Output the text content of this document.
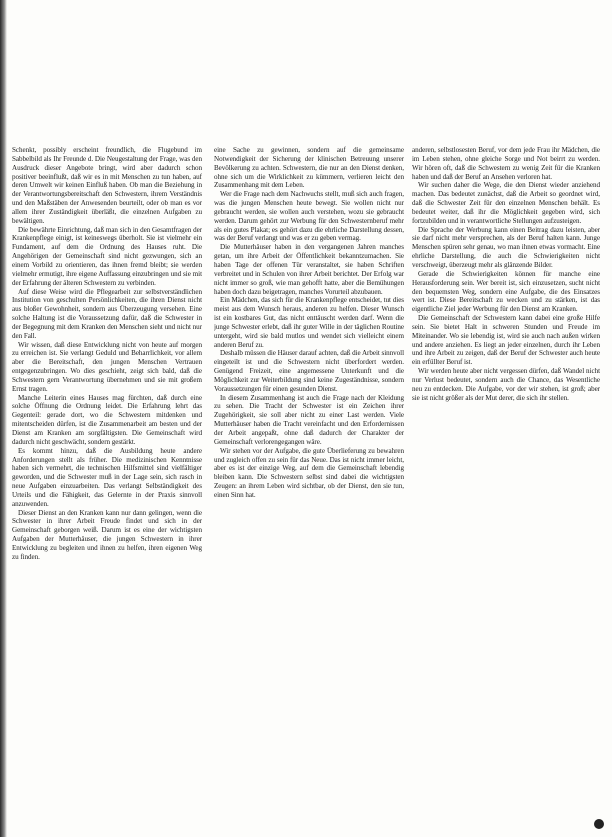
Schenkt, possibly erscheint freundlich, die Flugebund im Sabbelbild als Ihr Freunde d. Die Neugestaltung der Frage, was den Ausdruck dieser Angebote bringt, wird aber dadurch schon positiver beeinflußt, daß wir es in mit Menschen zu tun haben, auf deren Umwelt wir keinen Einfluß haben. Ob man die Beziehung in der Verantwortungsbereitschaft den Schwestern, ihrem Verständnis und den Maßstäben der Anwesenden beurteilt, oder ob man es vor allem ihrer Zuständigkeit überläßt, die einzelnen Aufgaben zu bewältigen.

Die bewährte Einrichtung, daß man sich in den Gesamtfragen der Krankenpflege einigt, ist keineswegs überholt. Sie ist vielmehr ein Fundament, auf dem die Ordnung des Hauses ruht. Die Angehörigen der Gemeinschaft sind nicht gezwungen, sich an einem Vorbild zu orientieren, das ihnen fremd bleibt; sie werden vielmehr ermutigt, ihre eigene Auffassung einzubringen und sie mit der Erfahrung der älteren Schwestern zu verbinden.

Auf diese Weise wird die Pflegearbeit zur selbstverständlichen Institution von geschulten Persönlichkeiten, die ihren Dienst nicht aus bloßer Gewohnheit, sondern aus Überzeugung versehen. Eine solche Haltung ist die Voraussetzung dafür, daß die Schwester in der Begegnung mit dem Kranken den Menschen sieht und nicht nur den Fall.

Wir wissen, daß diese Entwicklung nicht von heute auf morgen zu erreichen ist. Sie verlangt Geduld und Beharrlichkeit, vor allem aber die Bereitschaft, den jungen Menschen Vertrauen entgegenzubringen. Wo dies geschieht, zeigt sich bald, daß die Schwestern gern Verantwortung übernehmen und sie mit großem Ernst tragen.

Manche Leiterin eines Hauses mag fürchten, daß durch eine solche Öffnung die Ordnung leidet. Die Erfahrung lehrt das Gegenteil: gerade dort, wo die Schwestern mitdenken und mitentscheiden dürfen, ist die Zusammenarbeit am besten und der Dienst am Kranken am sorgfältigsten. Die Gemeinschaft wird dadurch nicht geschwächt, sondern gestärkt.

Es kommt hinzu, daß die Ausbildung heute andere Anforderungen stellt als früher. Die medizinischen Kenntnisse haben sich vermehrt, die technischen Hilfsmittel sind vielfältiger geworden, und die Schwester muß in der Lage sein, sich rasch in neue Aufgaben einzuarbeiten. Das verlangt Selbständigkeit des Urteils und die Fähigkeit, das Gelernte in der Praxis sinnvoll anzuwenden.

Dieser Dienst an den Kranken kann nur dann gelingen, wenn die Schwester in ihrer Arbeit Freude findet und sich in der Gemeinschaft geborgen weiß. Darum ist es eine der wichtigsten Aufgaben der Mutterhäuser, die jungen Schwestern in ihrer Entwicklung zu begleiten und ihnen zu helfen, ihren eigenen Weg zu finden.

eine Sache zu gewinnen, sondern auf die gemeinsame Notwendigkeit der Sicherung der klinischen Betreuung unserer Bevölkerung zu achten. Schwestern, die nur an den Dienst denken, ohne sich um die Wirklichkeit zu kümmern, verlieren leicht den Zusammenhang mit dem Leben.

Wer die Frage nach dem Nachwuchs stellt, muß sich auch fragen, was die jungen Menschen heute bewegt. Sie wollen nicht nur gebraucht werden, sie wollen auch verstehen, wozu sie gebraucht werden. Darum gehört zur Werbung für den Schwesternberuf mehr als ein gutes Plakat; es gehört dazu die ehrliche Darstellung dessen, was der Beruf verlangt und was er zu geben vermag.

Die Mutterhäuser haben in den vergangenen Jahren manches getan, um ihre Arbeit der Öffentlichkeit bekanntzumachen. Sie haben Tage der offenen Tür veranstaltet, sie haben Schriften verbreitet und in Schulen von ihrer Arbeit berichtet. Der Erfolg war nicht immer so groß, wie man gehofft hatte, aber die Bemühungen haben doch dazu beigetragen, manches Vorurteil abzubauen.

Ein Mädchen, das sich für die Krankenpflege entscheidet, tut dies meist aus dem Wunsch heraus, anderen zu helfen. Dieser Wunsch ist ein kostbares Gut, das nicht enttäuscht werden darf. Wenn die junge Schwester erlebt, daß ihr guter Wille in der täglichen Routine untergeht, wird sie bald mutlos und wendet sich vielleicht einem anderen Beruf zu.

Deshalb müssen die Häuser darauf achten, daß die Arbeit sinnvoll eingeteilt ist und die Schwestern nicht überfordert werden. Genügend Freizeit, eine angemessene Unterkunft und die Möglichkeit zur Weiterbildung sind keine Zugeständnisse, sondern Voraussetzungen für einen gesunden Dienst.

In diesem Zusammenhang ist auch die Frage nach der Kleidung zu sehen. Die Tracht der Schwester ist ein Zeichen ihrer Zugehörigkeit, sie soll aber nicht zu einer Last werden. Viele Mutterhäuser haben die Tracht vereinfacht und den Erfordernissen der Arbeit angepaßt, ohne daß dadurch der Charakter der Gemeinschaft verlorengegangen wäre.

Wir stehen vor der Aufgabe, die gute Überlieferung zu bewahren und zugleich offen zu sein für das Neue. Das ist nicht immer leicht, aber es ist der einzige Weg, auf dem die Gemeinschaft lebendig bleiben kann. Die Schwestern selbst sind dabei die wichtigsten Zeugen: an ihrem Leben wird sichtbar, ob der Dienst, den sie tun, einen Sinn hat.

anderen, selbstlosesten Beruf, vor dem jede Frau ihr Mädchen, die im Leben stehen, ohne gleiche Sorge und Not beirrt zu werden. Wir hören oft, daß die Schwestern zu wenig Zeit für die Kranken haben und daß der Beruf an Ansehen verloren hat.

Wir suchen daher die Wege, die den Dienst wieder anziehend machen. Das bedeutet zunächst, daß die Arbeit so geordnet wird, daß die Schwester Zeit für den einzelnen Menschen behält. Es bedeutet weiter, daß ihr die Möglichkeit gegeben wird, sich fortzubilden und in verantwortliche Stellungen aufzusteigen.

Die Sprache der Werbung kann einen Beitrag dazu leisten, aber sie darf nicht mehr versprechen, als der Beruf halten kann. Junge Menschen spüren sehr genau, wo man ihnen etwas vormacht. Eine ehrliche Darstellung, die auch die Schwierigkeiten nicht verschweigt, überzeugt mehr als glänzende Bilder.

Gerade die Schwierigkeiten können für manche eine Herausforderung sein. Wer bereit ist, sich einzusetzen, sucht nicht den bequemsten Weg, sondern eine Aufgabe, die des Einsatzes wert ist. Diese Bereitschaft zu wecken und zu stärken, ist das eigentliche Ziel jeder Werbung für den Dienst am Kranken.

Die Gemeinschaft der Schwestern kann dabei eine große Hilfe sein. Sie bietet Halt in schweren Stunden und Freude im Miteinander. Wo sie lebendig ist, wird sie auch nach außen wirken und andere anziehen. Es liegt an jeder einzelnen, durch ihr Leben und ihre Arbeit zu zeigen, daß der Beruf der Schwester auch heute ein erfüllter Beruf ist.

Wir werden heute aber nicht vergessen dürfen, daß Wandel nicht nur Verlust bedeutet, sondern auch die Chance, das Wesentliche neu zu entdecken. Die Aufgabe, vor der wir stehen, ist groß; aber sie ist nicht größer als der Mut derer, die sich ihr stellen.
